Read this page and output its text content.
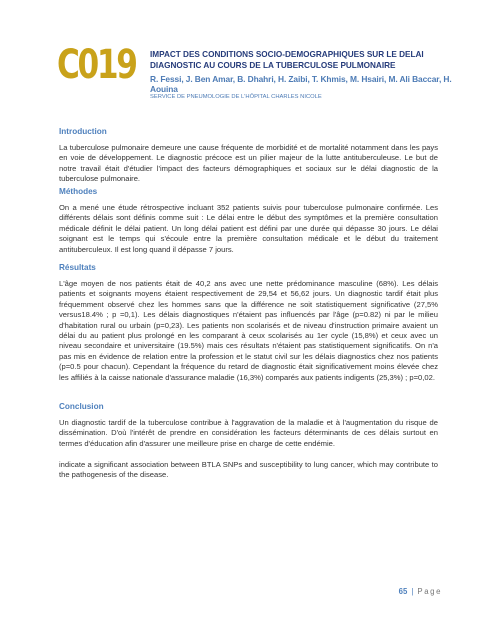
C019 IMPACT DES CONDITIONS SOCIO-DEMOGRAPHIQUES SUR LE DELAI DIAGNOSTIC AU COURS DE LA TUBERCULOSE PULMONAIRE
R. Fessi, J. Ben Amar, B. Dhahri, H. Zaibi, T. Khmis, M. Hsairi, M. Ali Baccar, H. Aouina
SERVICE DE PNEUMOLOGIE DE L'HÔPITAL CHARLES NICOLE
Introduction
La tuberculose pulmonaire demeure une cause fréquente de morbidité et de mortalité notamment dans les pays en voie de développement. Le diagnostic précoce est un pilier majeur de la lutte antituberculeuse. Le but de notre travail était d'étudier l'impact des facteurs démographiques et sociaux sur le délai diagnostic de la tuberculose pulmonaire.
Méthodes
On a mené une étude rétrospective incluant 352 patients suivis pour tuberculose pulmonaire confirmée. Les différents délais sont définis comme suit : Le délai entre le début des symptômes et la première consultation médicale définit le délai patient. Un long délai patient est défini par une durée qui dépasse 30 jours. Le délai soignant est le temps qui s'écoule entre la première consultation médicale et le début du traitement antituberculeux. Il est long quand il dépasse 7 jours.
Résultats
L'âge moyen de nos patients était de 40,2 ans avec une nette prédominance masculine (68%). Les délais patients et soignants moyens étaient respectivement de 29,54 et 56,62 jours. Un diagnostic tardif était plus fréquemment observé chez les hommes sans que la différence ne soit statistiquement significative (27,5% versus18.4% ; p =0,1). Les délais diagnostiques n'étaient pas influencés par l'âge (p=0.82) ni par le milieu d'habitation rural ou urbain (p=0,23). Les patients non scolarisés et de niveau d'instruction primaire avaient un délai du au patient plus prolongé en les comparant à ceux scolarisés au 1er cycle (15,8%) et ceux avec un niveau secondaire et universitaire (19.5%) mais ces résultats n'étaient pas statistiquement significatifs. On n'a pas mis en évidence de relation entre la profession et le statut civil sur les délais diagnostics chez nos patients (p=0.5 pour chacun). Cependant la fréquence du retard de diagnostic était significativement moins élevée chez les affiliés à la caisse nationale d'assurance maladie (16,3%) comparés aux patients indigents (25,3%) ; p=0,02.
Conclusion
Un diagnostic tardif de la tuberculose contribue à l'aggravation de la maladie et à l'augmentation du risque de dissémination. D'où l'intérêt de prendre en considération les facteurs déterminants de ces délais surtout en termes d'éducation afin d'assurer une meilleure prise en charge de cette endémie.
indicate a significant association between BTLA SNPs and susceptibility to lung cancer, which may contribute to the pathogenesis of the disease.
65 | Page
